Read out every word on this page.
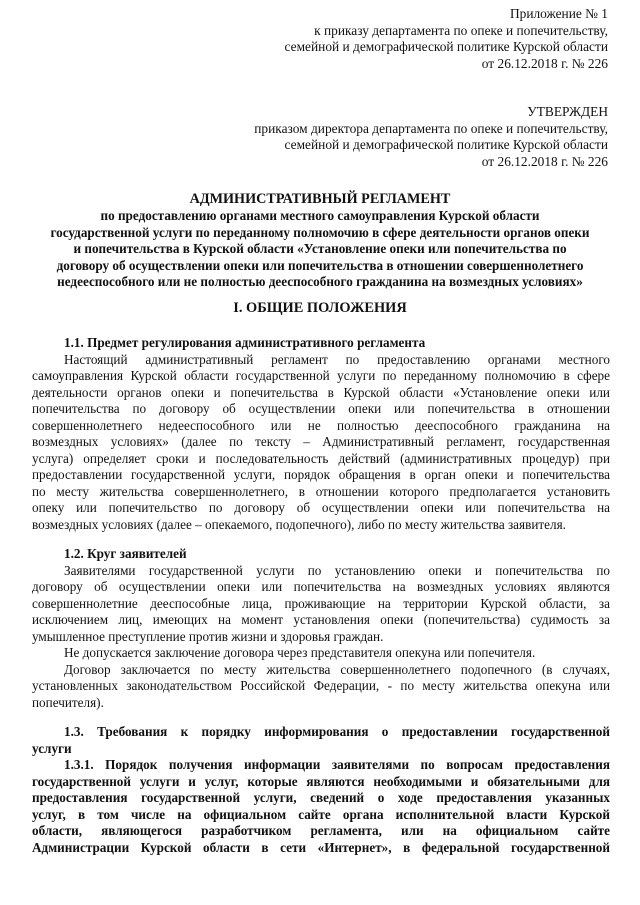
Приложение № 1
к приказу департамента по опеке и попечительству,
семейной и демографической политике Курской области
от 26.12.2018 г. № 226
УТВЕРЖДЕН
приказом директора департамента по опеке и попечительству,
семейной и демографической политике Курской области
от 26.12.2018 г. № 226
АДМИНИСТРАТИВНЫЙ РЕГЛАМЕНТ
по предоставлению органами местного самоуправления Курской области
государственной услуги по переданному полномочию в сфере деятельности органов опеки
и попечительства в Курской области «Установление опеки или попечительства по
договору об осуществлении опеки или попечительства в отношении совершеннолетнего
недееспособного или не полностью дееспособного гражданина на возмездных условиях»
I. ОБЩИЕ ПОЛОЖЕНИЯ
1.1. Предмет регулирования административного регламента
Настоящий административный регламент по предоставлению органами местного
самоуправления Курской области государственной услуги по переданному полномочию в сфере
деятельности органов опеки и попечительства в Курской области «Установление опеки или
попечительства по договору об осуществлении опеки или попечительства в отношении
совершеннолетнего недееспособного или не полностью дееспособного гражданина на
возмездных условиях» (далее по тексту – Административный регламент, государственная
услуга) определяет сроки и последовательность действий (административных процедур) при
предоставлении государственной услуги, порядок обращения в орган опеки и попечительства
по месту жительства совершеннолетнего, в отношении которого предполагается установить
опеку или попечительство по договору об осуществлении опеки или попечительства на
возмездных условиях (далее – опекаемого, подопечного), либо по месту жительства заявителя.
1.2. Круг заявителей
Заявителями государственной услуги по установлению опеки и попечительства по
договору об осуществлении опеки или попечительства на возмездных условиях являются
совершеннолетние дееспособные лица, проживающие на территории Курской области, за
исключением лиц, имеющих на момент установления опеки (попечительства) судимость за
умышленное преступление против жизни и здоровья граждан.
Не допускается заключение договора через представителя опекуна или попечителя.
Договор заключается по месту жительства совершеннолетнего подопечного (в случаях,
установленных законодательством Российской Федерации, - по месту жительства опекуна или
попечителя).
1.3. Требования к порядку информирования о предоставлении государственной
услуги
1.3.1. Порядок получения информации заявителями по вопросам предоставления
государственной услуги и услуг, которые являются необходимыми и обязательными для
предоставления государственной услуги, сведений о ходе предоставления указанных
услуг, в том числе на официальном сайте органа исполнительной власти Курской
области, являющегося разработчиком регламента, или на официальном сайте
Администрации Курской области в сети «Интернет», в федеральной государственной
